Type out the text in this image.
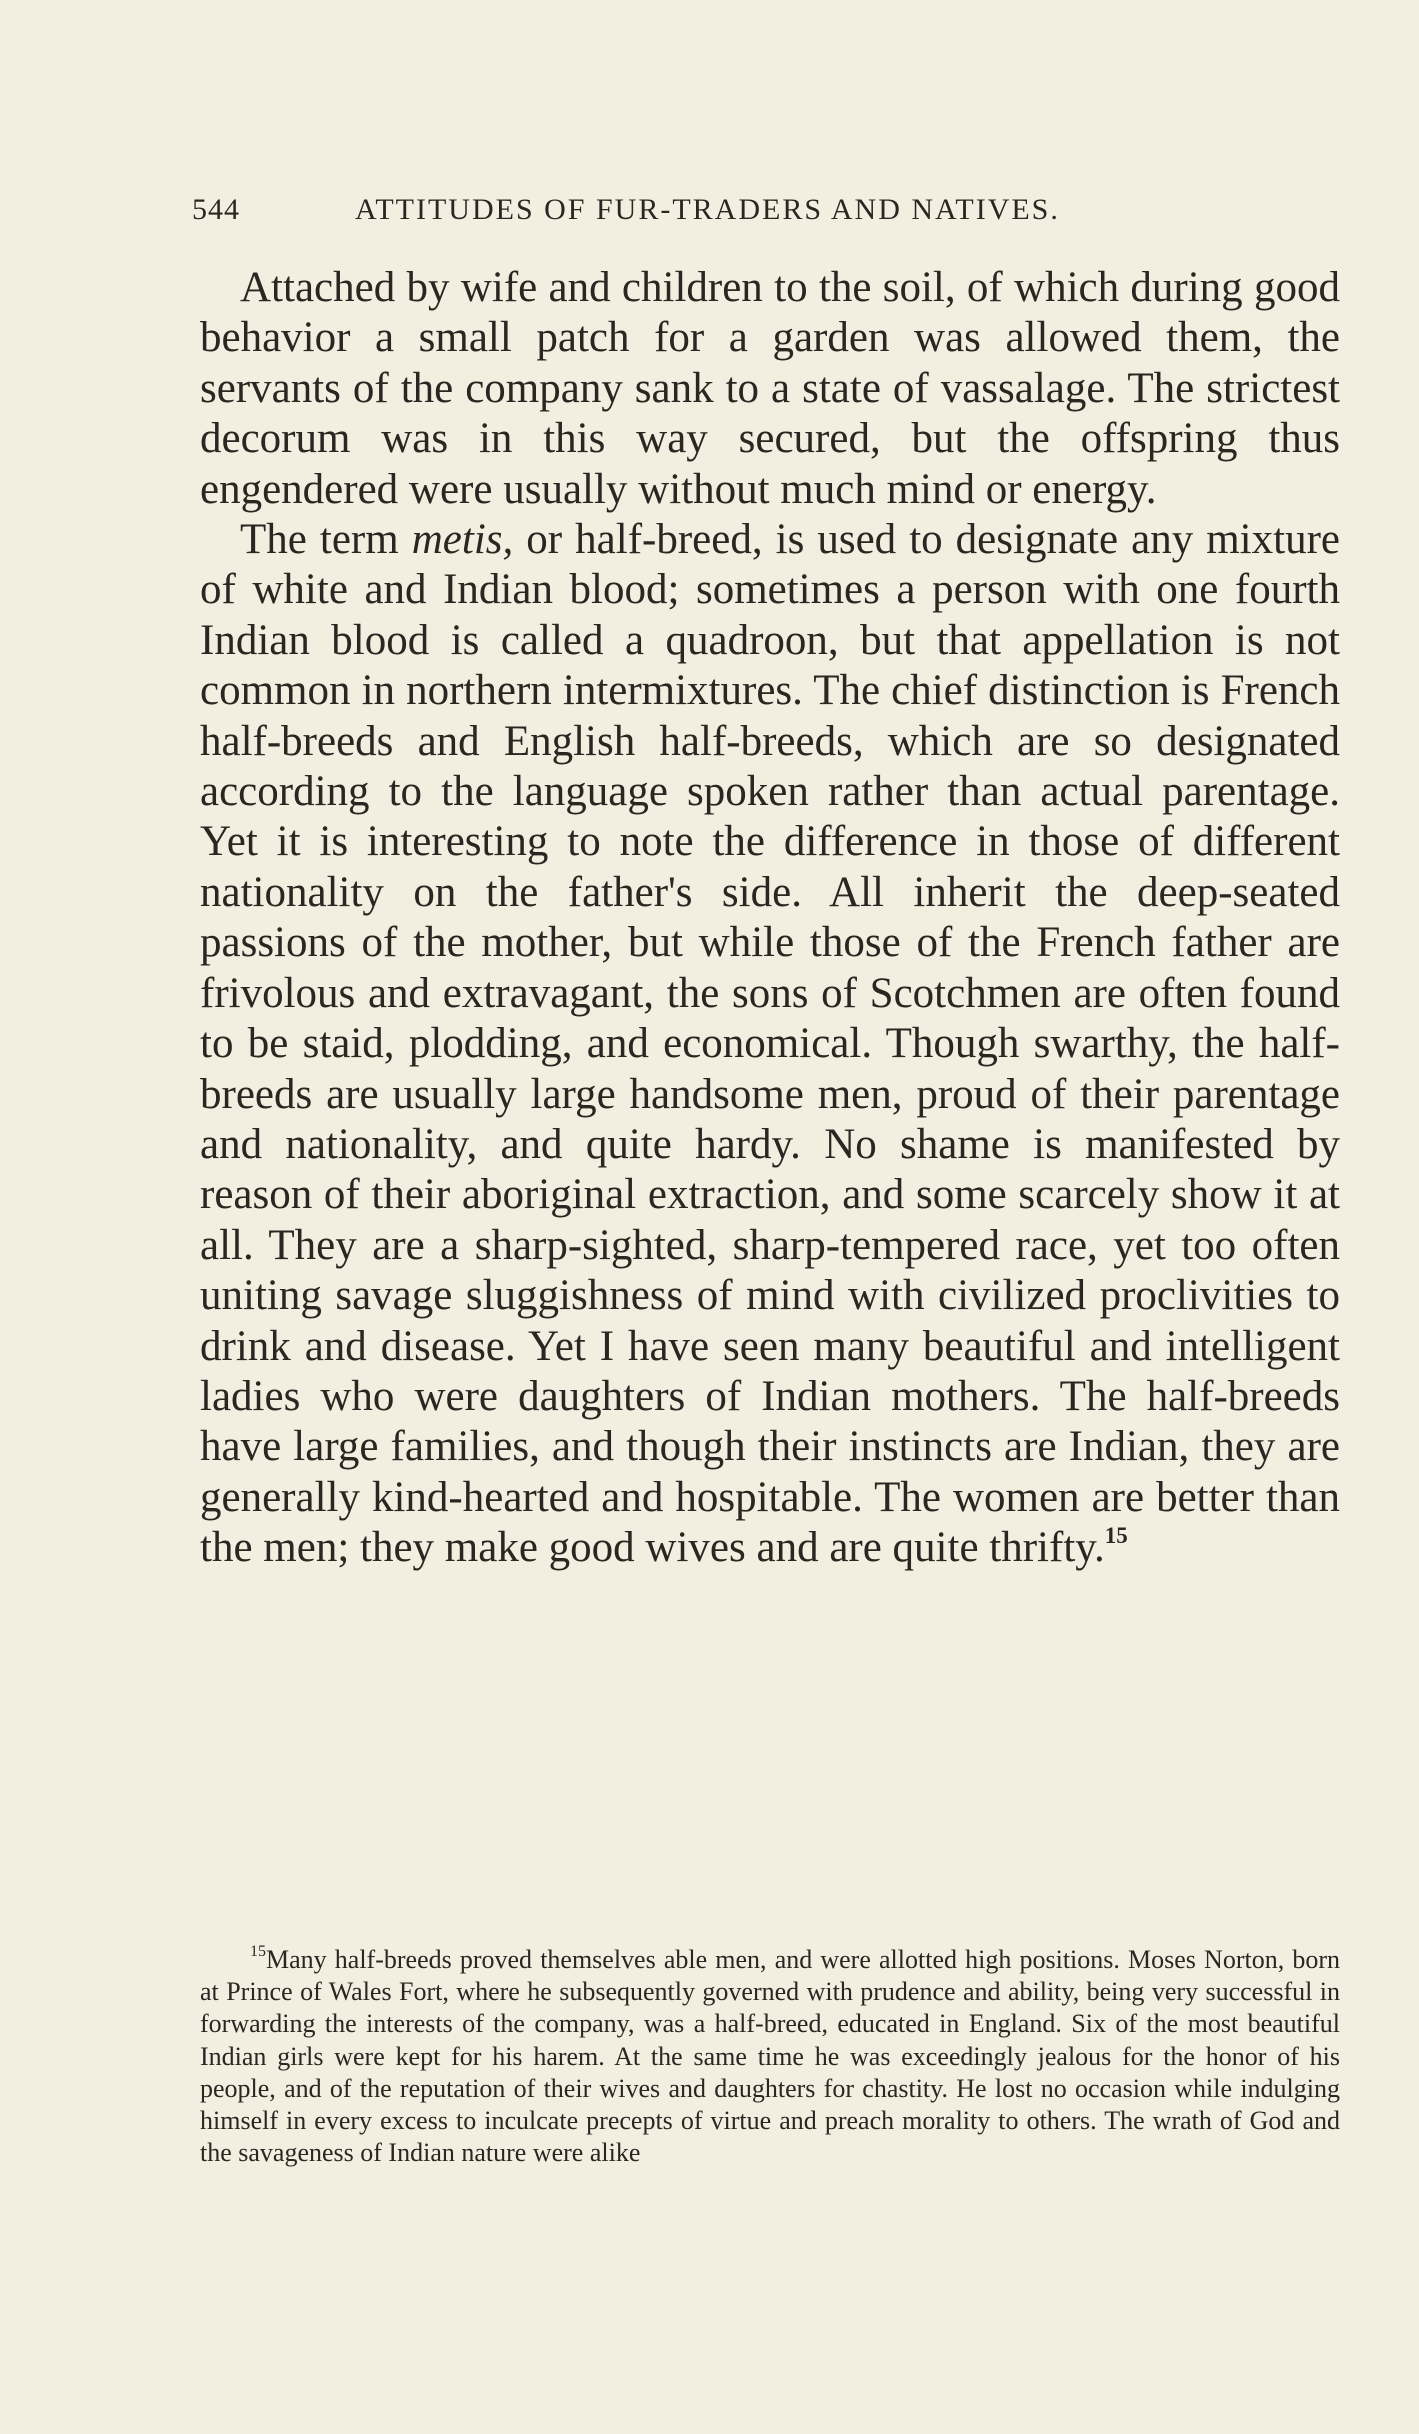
544	ATTITUDES OF FUR-TRADERS AND NATIVES.

Attached by wife and children to the soil, of which during good behavior a small patch for a garden was allowed them, the servants of the company sank to a state of vassalage. The strictest decorum was in this way secured, but the offspring thus engendered were usually without much mind or energy.

The term metis, or half-breed, is used to designate any mixture of white and Indian blood; sometimes a person with one fourth Indian blood is called a quadroon, but that appellation is not common in northern intermixtures. The chief distinction is French half-breeds and English half-breeds, which are so designated according to the language spoken rather than actual parentage. Yet it is interesting to note the difference in those of different nationality on the father's side. All inherit the deep-seated passions of the mother, but while those of the French father are frivolous and extravagant, the sons of Scotchmen are often found to be staid, plodding, and economical. Though swarthy, the half-breeds are usually large handsome men, proud of their parentage and nationality, and quite hardy. No shame is manifested by reason of their aboriginal extraction, and some scarcely show it at all. They are a sharp-sighted, sharp-tempered race, yet too often uniting savage sluggishness of mind with civilized proclivities to drink and disease. Yet I have seen many beautiful and intelligent ladies who were daughters of Indian mothers. The half-breeds have large families, and though their instincts are Indian, they are generally kind-hearted and hospitable. The women are better than the men; they make good wives and are quite thrifty.$^{15}$

$^{15}$Many half-breeds proved themselves able men, and were allotted high positions. Moses Norton, born at Prince of Wales Fort, where he subsequently governed with prudence and ability, being very successful in forwarding the interests of the company, was a half-breed, educated in England. Six of the most beautiful Indian girls were kept for his harem. At the same time he was exceedingly jealous for the honor of his people, and of the reputation of their wives and daughters for chastity. He lost no occasion while indulging himself in every excess to inculcate precepts of virtue and preach morality to others. The wrath of God and the savageness of Indian nature were alike
